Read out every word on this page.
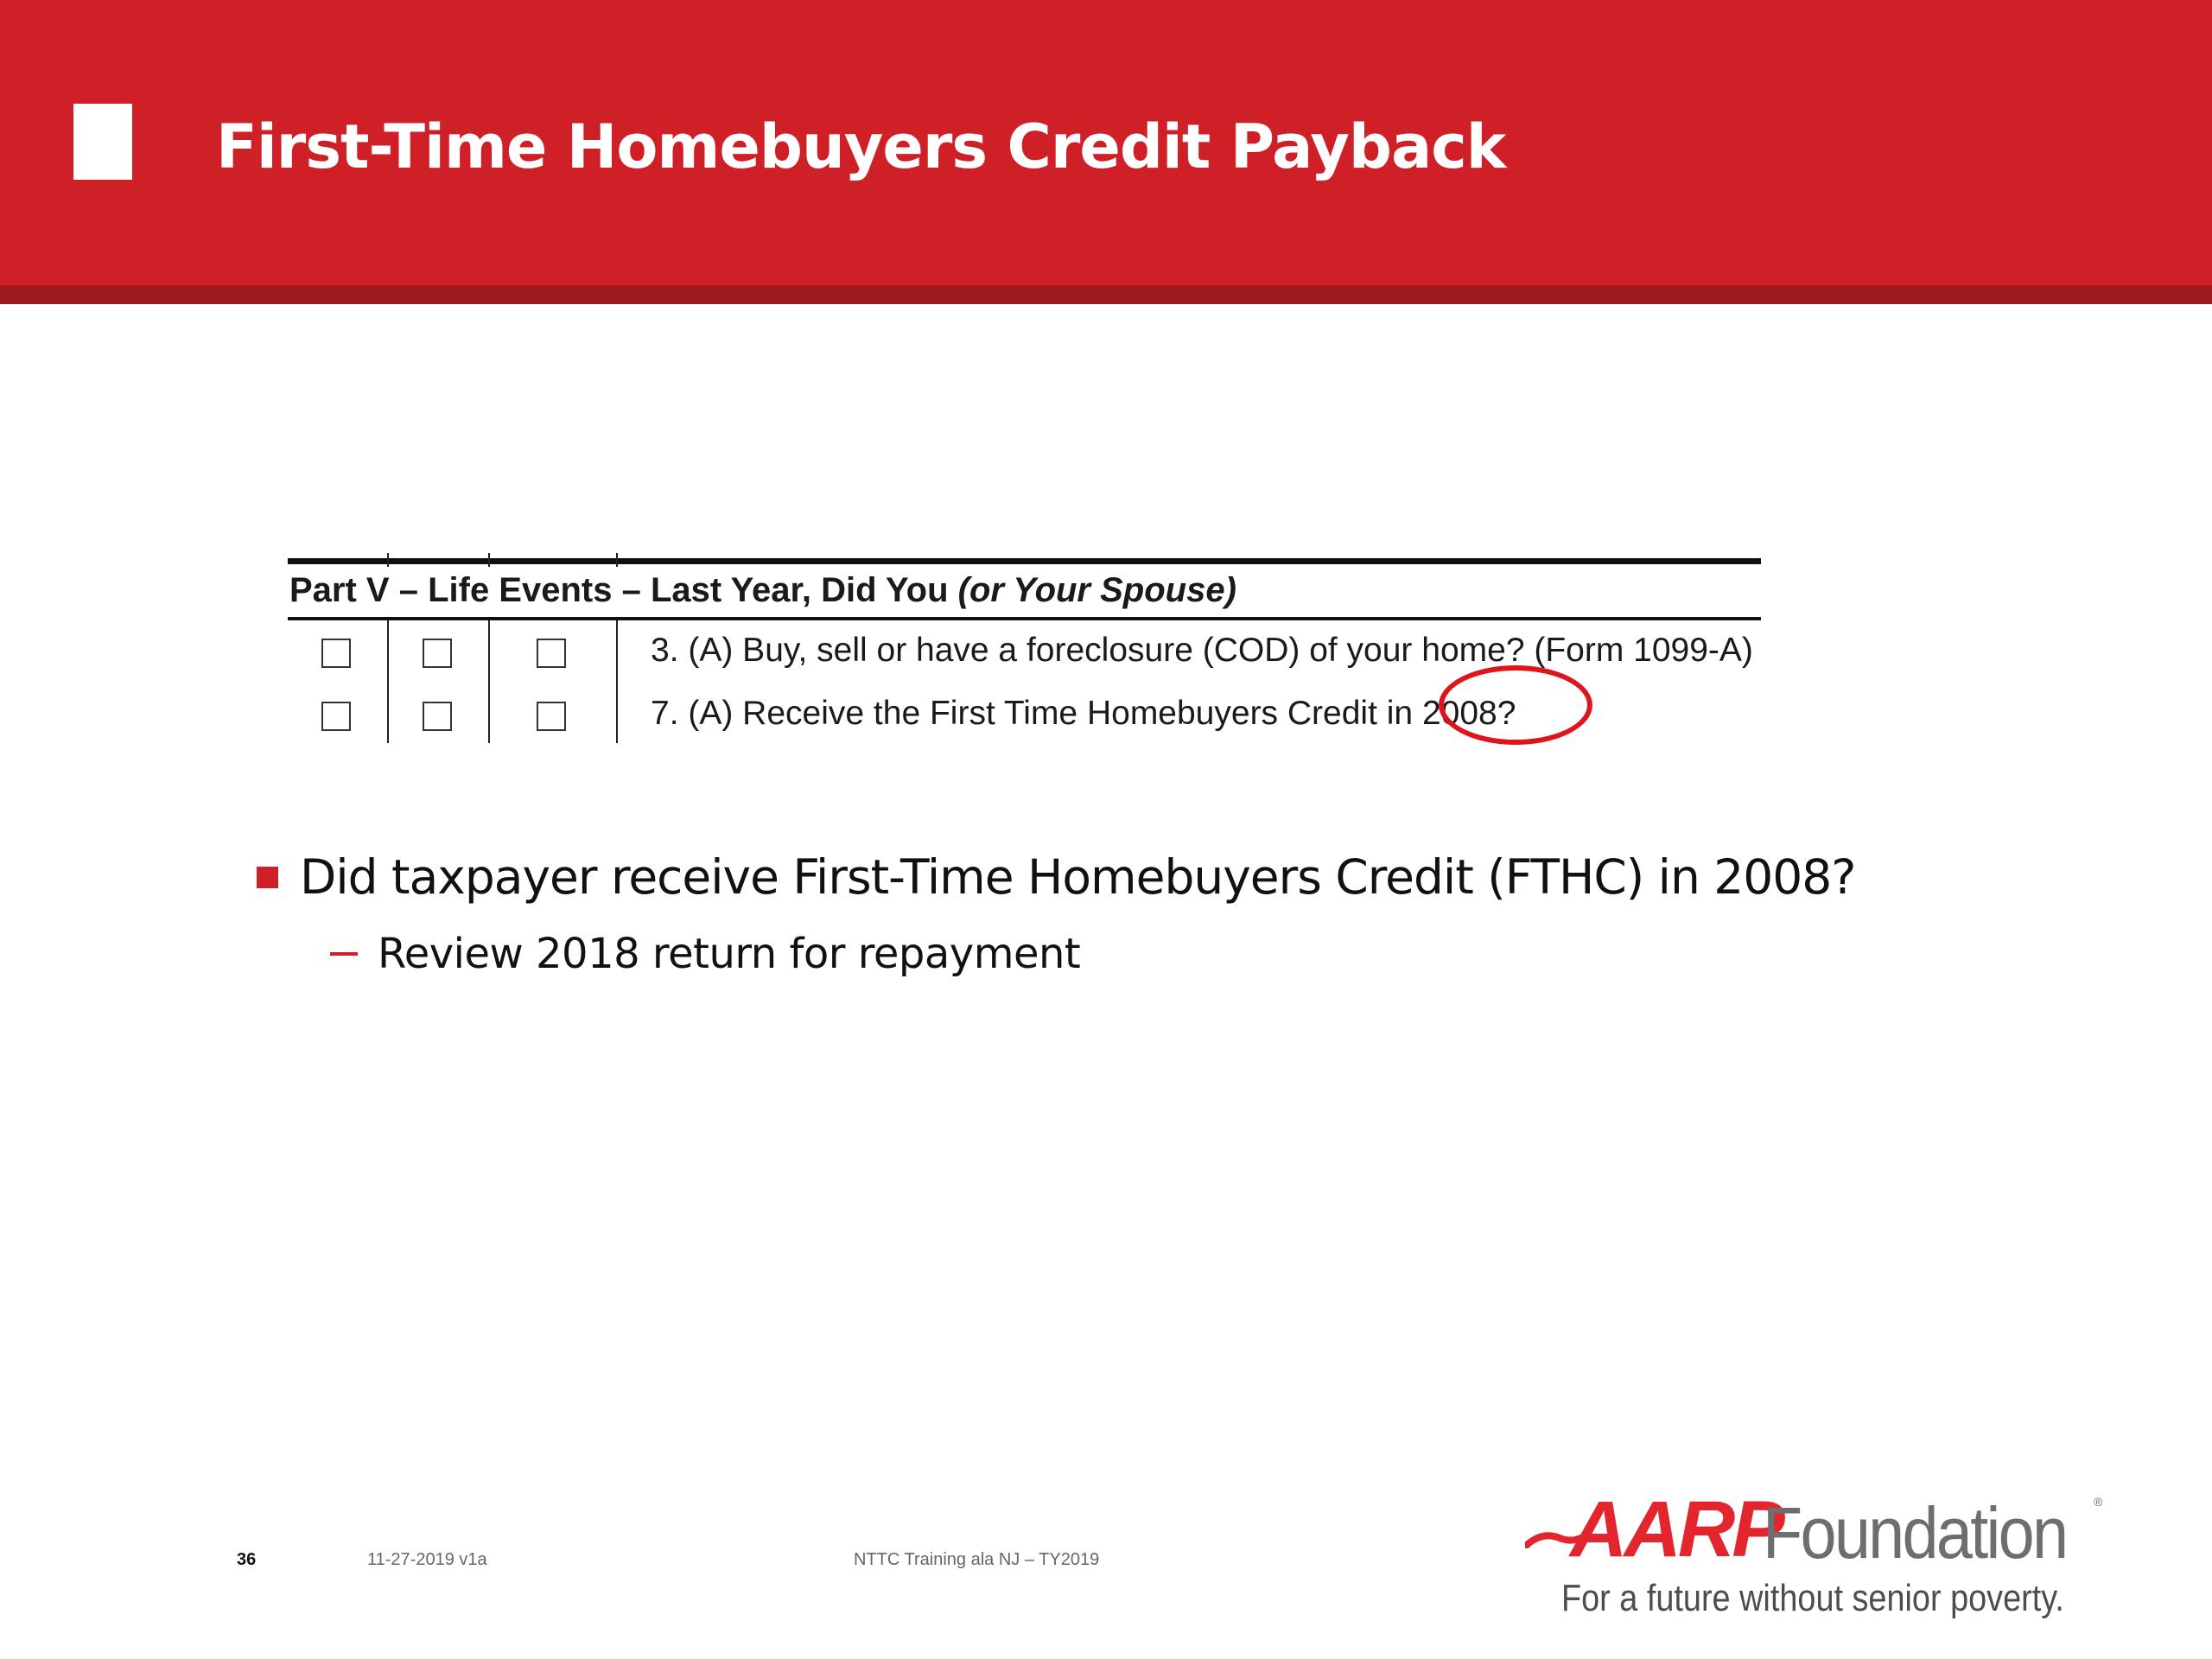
First-Time Homebuyers Credit Payback
Part V – Life Events – Last Year, Did You (or Your Spouse)
3. (A) Buy, sell or have a foreclosure (COD) of your home? (Form 1099-A)
7. (A) Receive the First Time Homebuyers Credit in 2008?
Did taxpayer receive First-Time Homebuyers Credit (FTHC) in 2008?
Review 2018 return for repayment
36	11-27-2019 v1a	NTTC Training ala NJ – TY2019	AARP
Foundation ®
For a future without senior poverty.
